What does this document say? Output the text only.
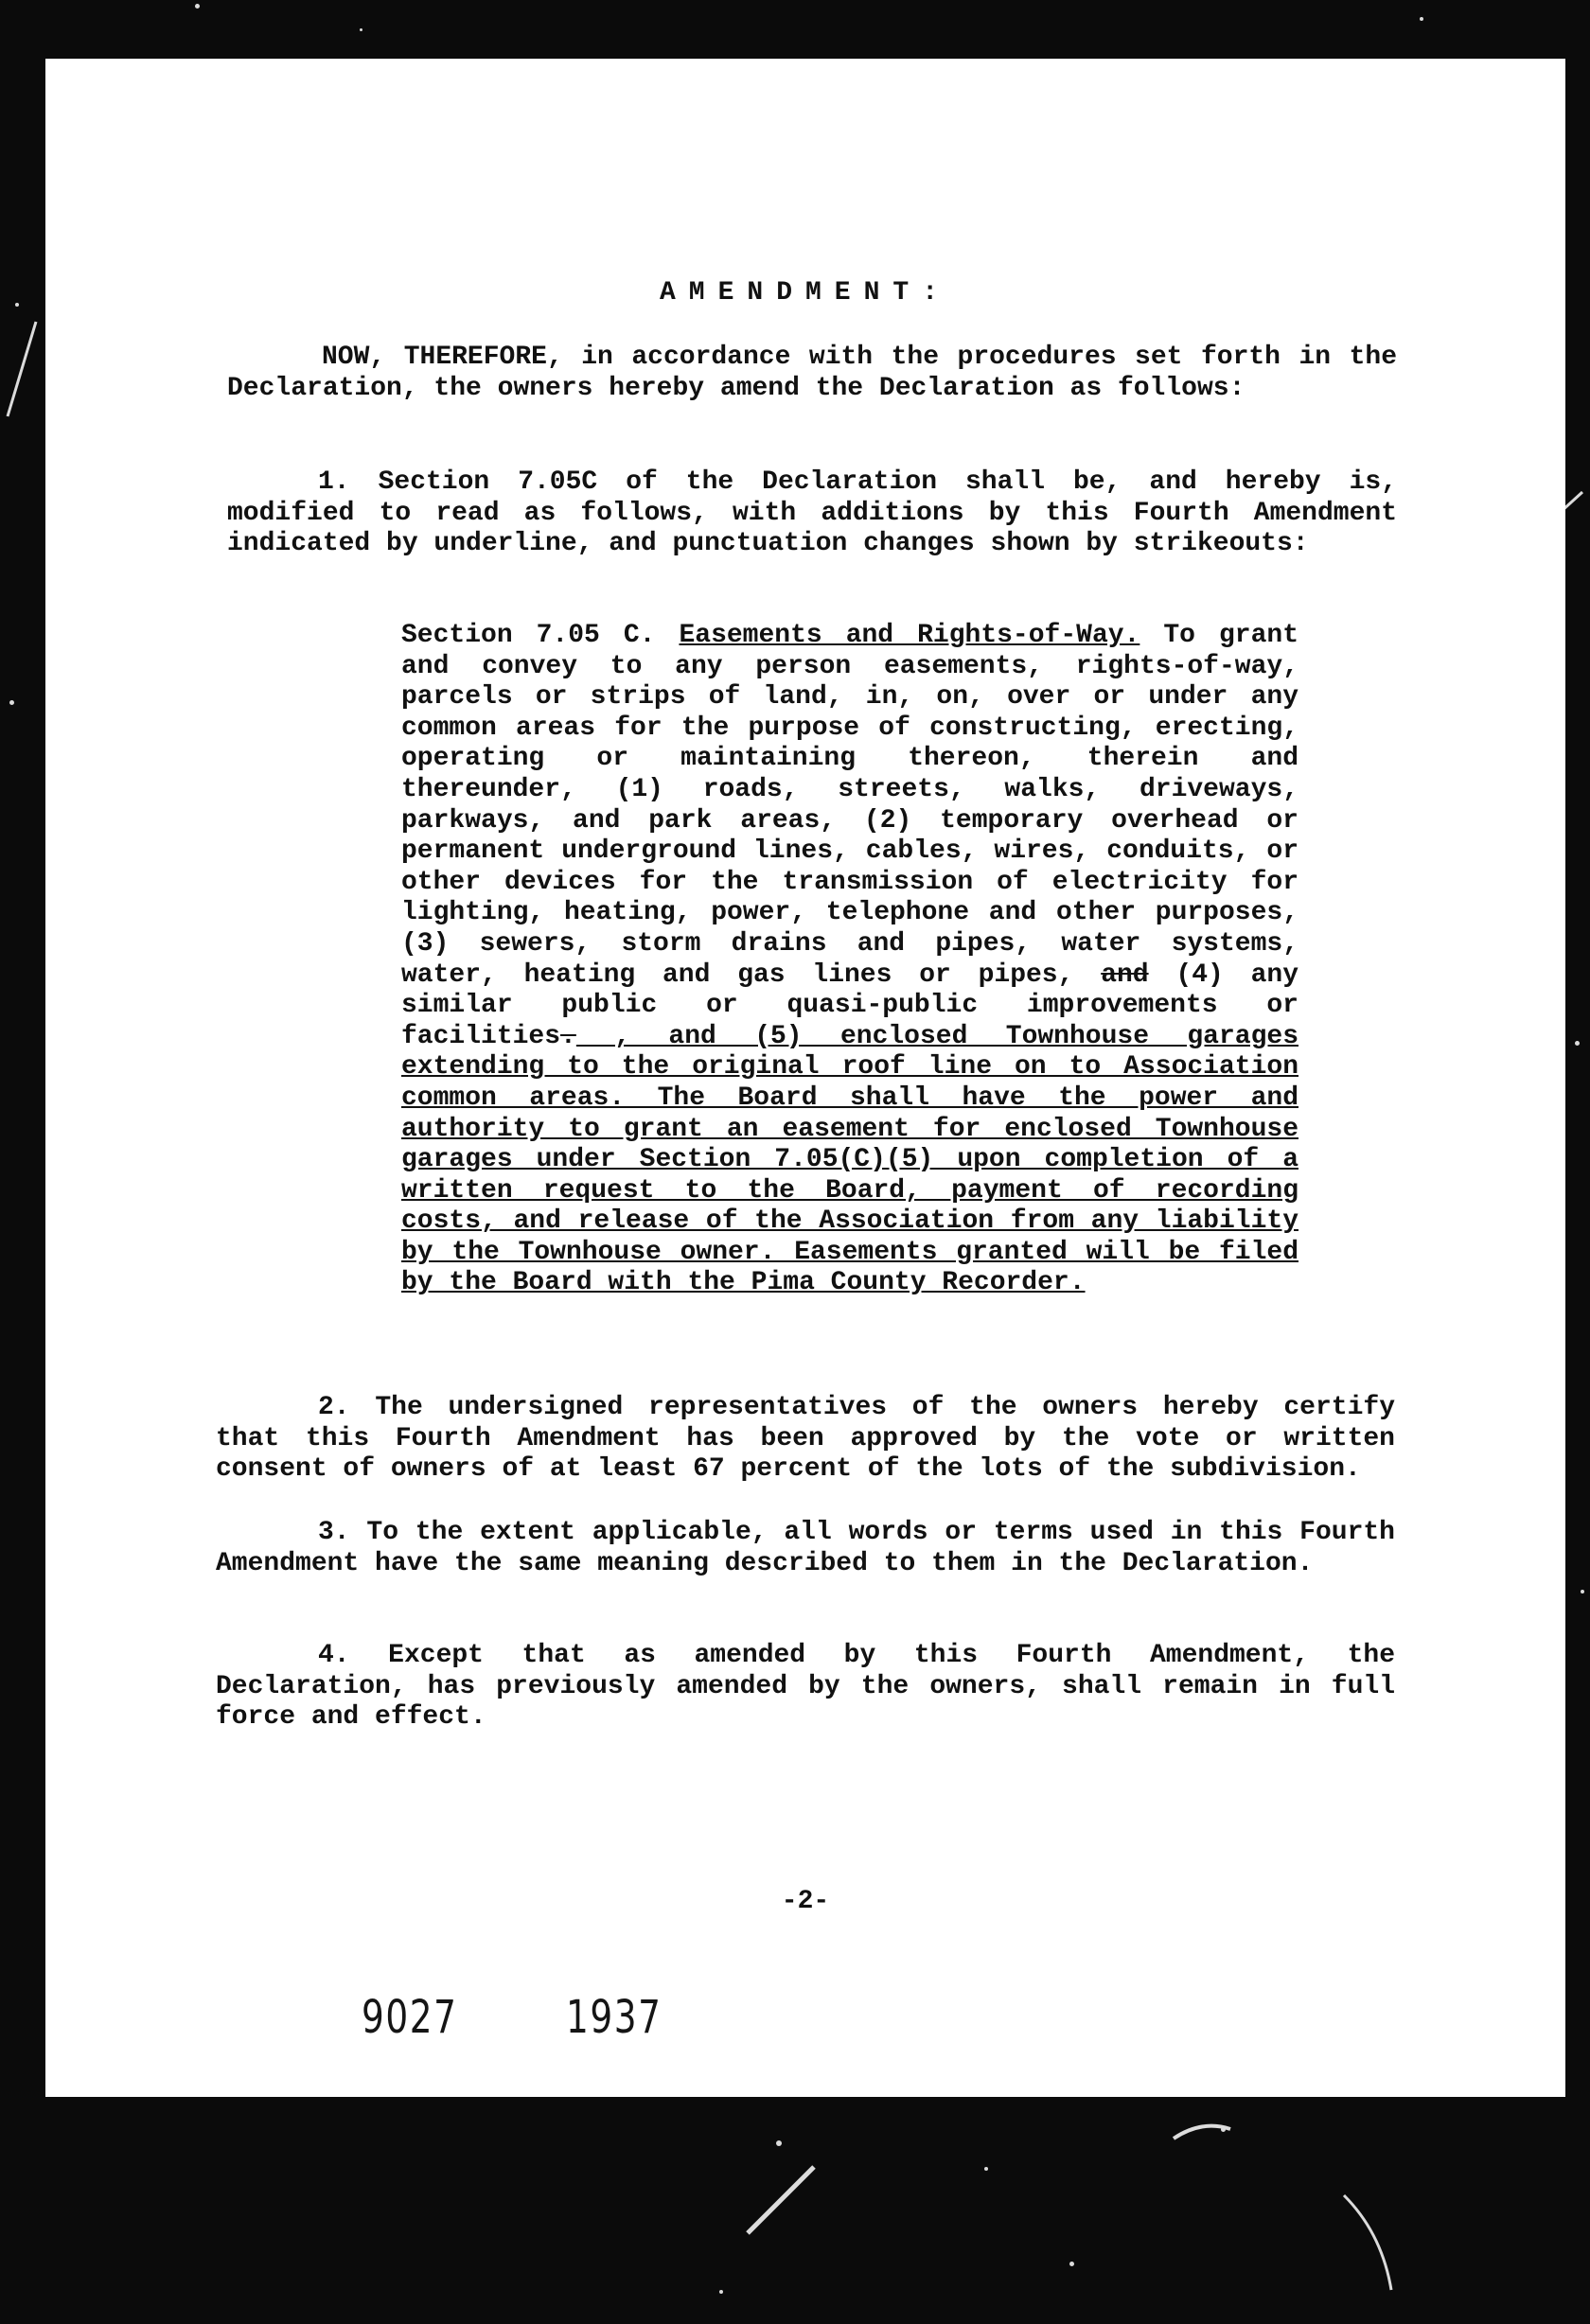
AMENDMENT:

NOW, THEREFORE, in accordance with the procedures set forth in the Declaration, the owners hereby amend the Declaration as follows:

1. Section 7.05C of the Declaration shall be, and hereby is, modified to read as follows, with additions by this Fourth Amendment indicated by underline, and punctuation changes shown by strikeouts:

Section 7.05 C. Easements and Rights-of-Way. To grant and convey to any person easements, rights-of-way, parcels or strips of land, in, on, over or under any common areas for the purpose of constructing, erecting, operating or maintaining thereon, therein and thereunder, (1) roads, streets, walks, driveways, parkways, and park areas, (2) temporary overhead or permanent underground lines, cables, wires, conduits, or other devices for the transmission of electricity for lighting, heating, power, telephone and other purposes, (3) sewers, storm drains and pipes, water systems, water, heating and gas lines or pipes, and (4) any similar public or quasi-public improvements or facilities. , and (5) enclosed Townhouse garages extending to the original roof line on to Association common areas. The Board shall have the power and authority to grant an easement for enclosed Townhouse garages under Section 7.05(C)(5) upon completion of a written request to the Board, payment of recording costs, and release of the Association from any liability by the Townhouse owner. Easements granted will be filed by the Board with the Pima County Recorder.

2. The undersigned representatives of the owners hereby certify that this Fourth Amendment has been approved by the vote or written consent of owners of at least 67 percent of the lots of the subdivision.

3. To the extent applicable, all words or terms used in this Fourth Amendment have the same meaning described to them in the Declaration.

4. Except that as amended by this Fourth Amendment, the Declaration, has previously amended by the owners, shall remain in full force and effect.

-2-
9027 1937
